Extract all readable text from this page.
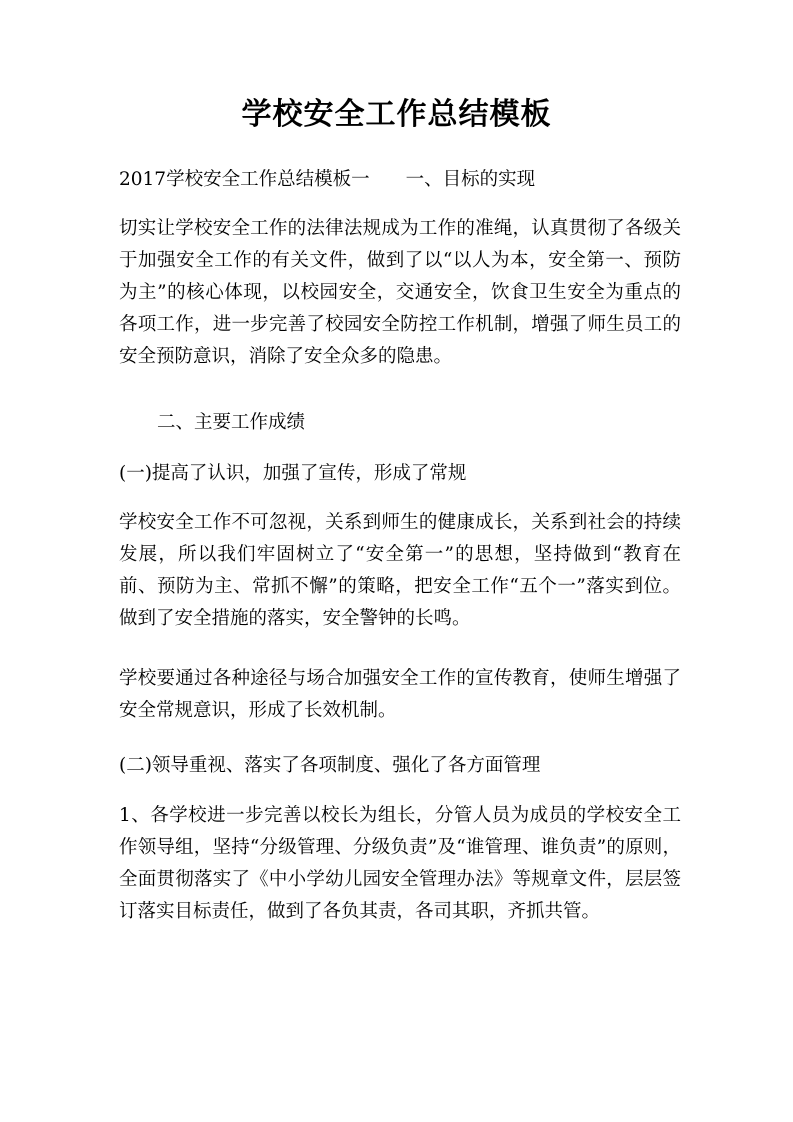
学校安全工作总结模板
2017学校安全工作总结模板一 一、目标的实现

切实让学校安全工作的法律法规成为工作的准绳，认真贯彻了各级关于加强安全工作的有关文件，做到了以“以人为本，安全第一、预防为主”的核心体现，以校园安全，交通安全，饮食卫生安全为重点的各项工作，进一步完善了校园安全防控工作机制，增强了师生员工的安全预防意识，消除了安全众多的隐患。

二、主要工作成绩

(一)提高了认识，加强了宣传，形成了常规

学校安全工作不可忽视，关系到师生的健康成长，关系到社会的持续发展，所以我们牢固树立了“安全第一”的思想，坚持做到“教育在前、预防为主、常抓不懈”的策略，把安全工作“五个一”落实到位。做到了安全措施的落实，安全警钟的长鸣。

学校要通过各种途径与场合加强安全工作的宣传教育，使师生增强了安全常规意识，形成了长效机制。

(二)领导重视、落实了各项制度、强化了各方面管理

1、各学校进一步完善以校长为组长，分管人员为成员的学校安全工作领导组，坚持“分级管理、分级负责”及“谁管理、谁负责”的原则，全面贯彻落实了《中小学幼儿园安全管理办法》等规章文件，层层签订落实目标责任，做到了各负其责，各司其职，齐抓共管。
